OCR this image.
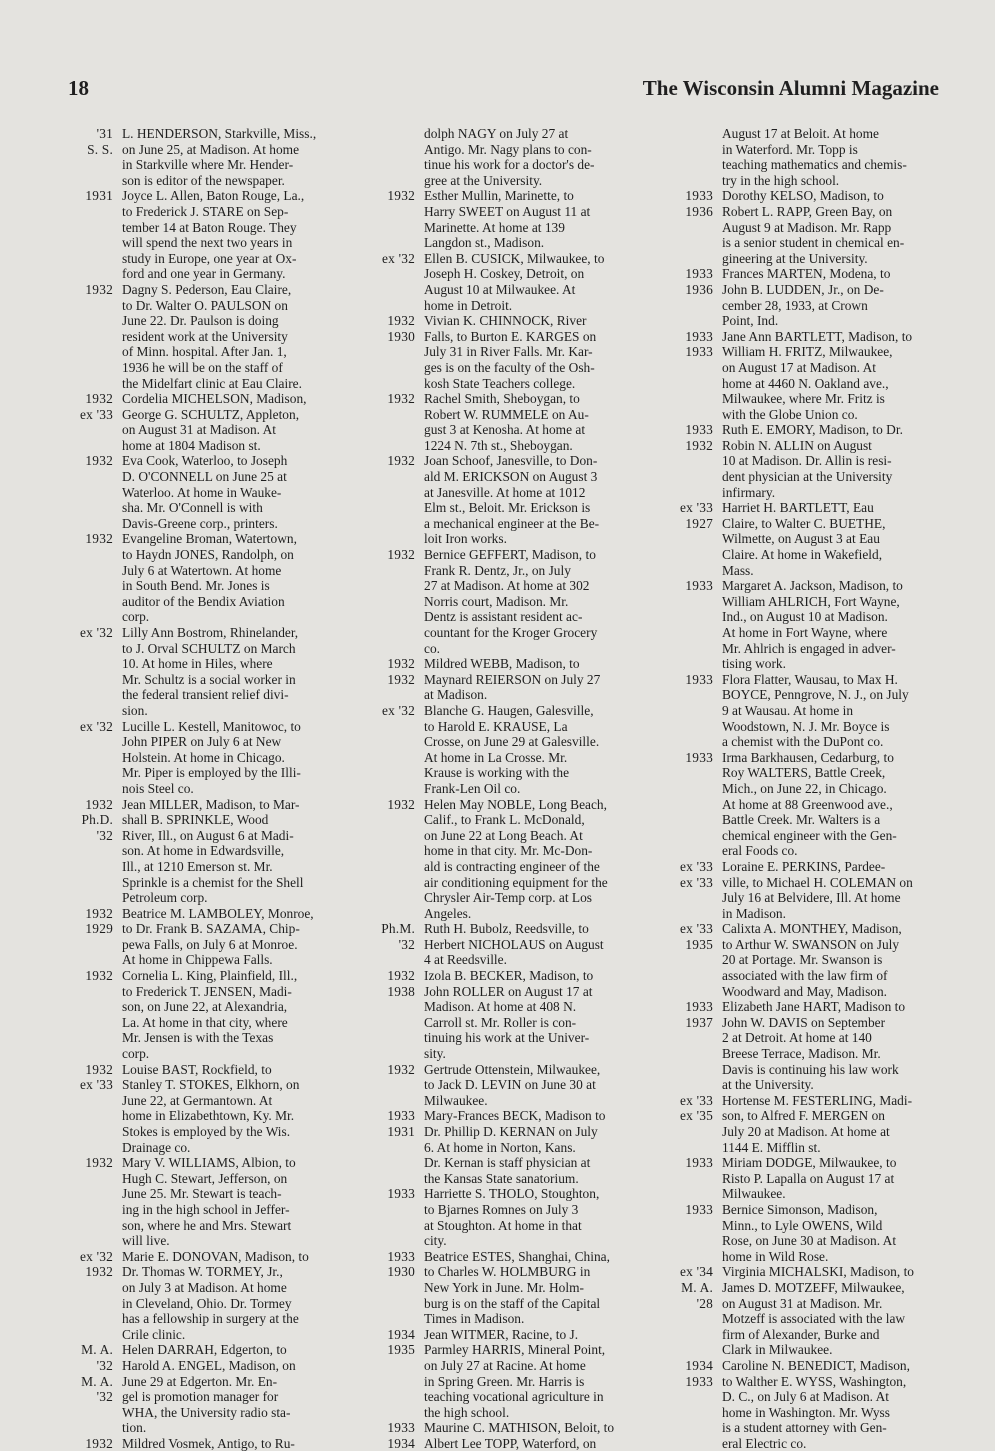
18	The Wisconsin Alumni Magazine
'31
S. S.
L. HENDERSON, Starkville, Miss.,
on June 25, at Madison. At home
in Starkville where Mr. Hender-
son is editor of the newspaper.
1931 Joyce L. Allen, Baton Rouge, La.,
to Frederick J. STARE on Sep-
tember 14 at Baton Rouge. They
will spend the next two years in
study in Europe, one year at Ox-
ford and one year in Germany.
1932 Dagny S. Pederson, Eau Claire,
to Dr. Walter O. PAULSON on
June 22. Dr. Paulson is doing
resident work at the University
of Minn. hospital. After Jan. 1,
1936 he will be on the staff of
the Midelfart clinic at Eau Claire.
1932
ex '33
Cordelia MICHELSON, Madison,
George G. SCHULTZ, Appleton,
on August 31 at Madison. At
home at 1804 Madison st.
1932 Eva Cook, Waterloo, to Joseph
D. O'CONNELL on June 25 at
Waterloo. At home in Wauke-
sha. Mr. O'Connell is with
Davis-Greene corp., printers.
1932 Evangeline Broman, Watertown,
to Haydn JONES, Randolph, on
July 6 at Watertown. At home
in South Bend. Mr. Jones is
auditor of the Bendix Aviation
corp.
ex '32 Lilly Ann Bostrom, Rhinelander,
to J. Orval SCHULTZ on March
10. At home in Hiles, where
Mr. Schultz is a social worker in
the federal transient relief divi-
sion.
ex '32 Lucille L. Kestell, Manitowoc, to
John PIPER on July 6 at New
Holstein. At home in Chicago.
Mr. Piper is employed by the Illi-
nois Steel co.
1932
Ph.D.
'32
Jean MILLER, Madison, to Mar-
shall B. SPRINKLE, Wood
River, Ill., on August 6 at Madi-
son. At home in Edwardsville,
Ill., at 1210 Emerson st. Mr.
Sprinkle is a chemist for the Shell
Petroleum corp.
1932
1929
Beatrice M. LAMBOLEY, Monroe,
to Dr. Frank B. SAZAMA, Chip-
pewa Falls, on July 6 at Monroe.
At home in Chippewa Falls.
1932 Cornelia L. King, Plainfield, Ill.,
to Frederick T. JENSEN, Madi-
son, on June 22, at Alexandria,
La. At home in that city, where
Mr. Jensen is with the Texas
corp.
1932
ex '33
Louise BAST, Rockfield, to
Stanley T. STOKES, Elkhorn, on
June 22, at Germantown. At
home in Elizabethtown, Ky. Mr.
Stokes is employed by the Wis.
Drainage co.
1932 Mary V. WILLIAMS, Albion, to
Hugh C. Stewart, Jefferson, on
June 25. Mr. Stewart is teach-
ing in the high school in Jeffer-
son, where he and Mrs. Stewart
will live.
ex '32
1932
Marie E. DONOVAN, Madison, to
Dr. Thomas W. TORMEY, Jr.,
on July 3 at Madison. At home
in Cleveland, Ohio. Dr. Tormey
has a fellowship in surgery at the
Crile clinic.
M. A.
'32
M. A.
'32
Helen DARRAH, Edgerton, to
Harold A. ENGEL, Madison, on
June 29 at Edgerton. Mr. En-
gel is promotion manager for
WHA, the University radio sta-
tion.
1932 Mildred Vosmek, Antigo, to Ru-
dolph NAGY on July 27 at
Antigo. Mr. Nagy plans to con-
tinue his work for a doctor's de-
gree at the University.
1932 Esther Mullin, Marinette, to
Harry SWEET on August 11 at
Marinette. At home at 139
Langdon st., Madison.
ex '32 Ellen B. CUSICK, Milwaukee, to
Joseph H. Coskey, Detroit, on
August 10 at Milwaukee. At
home in Detroit.
1932
1930
Vivian K. CHINNOCK, River
Falls, to Burton E. KARGES on
July 31 in River Falls. Mr. Kar-
ges is on the faculty of the Osh-
kosh State Teachers college.
1932 Rachel Smith, Sheboygan, to
Robert W. RUMMELE on Au-
gust 3 at Kenosha. At home at
1224 N. 7th st., Sheboygan.
1932 Joan Schoof, Janesville, to Don-
ald M. ERICKSON on August 3
at Janesville. At home at 1012
Elm st., Beloit. Mr. Erickson is
a mechanical engineer at the Be-
loit Iron works.
1932 Bernice GEFFERT, Madison, to
Frank R. Dentz, Jr., on July
27 at Madison. At home at 302
Norris court, Madison. Mr.
Dentz is assistant resident ac-
countant for the Kroger Grocery
co.
1932
1932
Mildred WEBB, Madison, to
Maynard REIERSON on July 27
at Madison.
ex '32 Blanche G. Haugen, Galesville,
to Harold E. KRAUSE, La
Crosse, on June 29 at Galesville.
At home in La Crosse. Mr.
Krause is working with the
Frank-Len Oil co.
1932 Helen May NOBLE, Long Beach,
Calif., to Frank L. McDonald,
on June 22 at Long Beach. At
home in that city. Mr. Mc-Don-
ald is contracting engineer of the
air conditioning equipment for the
Chrysler Air-Temp corp. at Los
Angeles.
Ph.M.
'32
Ruth H. Bubolz, Reedsville, to
Herbert NICHOLAUS on August
4 at Reedsville.
1932
1938
Izola B. BECKER, Madison, to
John ROLLER on August 17 at
Madison. At home at 408 N.
Carroll st. Mr. Roller is con-
tinuing his work at the Univer-
sity.
1932 Gertrude Ottenstein, Milwaukee,
to Jack D. LEVIN on June 30 at
Milwaukee.
1933
1931
Mary-Frances BECK, Madison to
Dr. Phillip D. KERNAN on July
6. At home in Norton, Kans.
Dr. Kernan is staff physician at
the Kansas State sanatorium.
1933 Harriette S. THOLO, Stoughton,
to Bjarnes Romnes on July 3
at Stoughton. At home in that
city.
1933
1930
Beatrice ESTES, Shanghai, China,
to Charles W. HOLMBURG in
New York in June. Mr. Holm-
burg is on the staff of the Capital
Times in Madison.
1934
1935
Jean WITMER, Racine, to J.
Parmley HARRIS, Mineral Point,
on July 27 at Racine. At home
in Spring Green. Mr. Harris is
teaching vocational agriculture in
the high school.
1933
1934
Maurine C. MATHISON, Beloit, to
Albert Lee TOPP, Waterford, on
August 17 at Beloit. At home
in Waterford. Mr. Topp is
teaching mathematics and chemis-
try in the high school.
1933
1936
Dorothy KELSO, Madison, to
Robert L. RAPP, Green Bay, on
August 9 at Madison. Mr. Rapp
is a senior student in chemical en-
gineering at the University.
1933
1936
Frances MARTEN, Modena, to
John B. LUDDEN, Jr., on De-
cember 28, 1933, at Crown
Point, Ind.
1933
1933
Jane Ann BARTLETT, Madison, to
William H. FRITZ, Milwaukee,
on August 17 at Madison. At
home at 4460 N. Oakland ave.,
Milwaukee, where Mr. Fritz is
with the Globe Union co.
1933
1932
Ruth E. EMORY, Madison, to Dr.
Robin N. ALLIN on August
10 at Madison. Dr. Allin is resi-
dent physician at the University
infirmary.
ex '33
1927
Harriet H. BARTLETT, Eau
Claire, to Walter C. BUETHE,
Wilmette, on August 3 at Eau
Claire. At home in Wakefield,
Mass.
1933 Margaret A. Jackson, Madison, to
William AHLRICH, Fort Wayne,
Ind., on August 10 at Madison.
At home in Fort Wayne, where
Mr. Ahlrich is engaged in adver-
tising work.
1933 Flora Flatter, Wausau, to Max H.
BOYCE, Penngrove, N. J., on July
9 at Wausau. At home in
Woodstown, N. J. Mr. Boyce is
a chemist with the DuPont co.
1933 Irma Barkhausen, Cedarburg, to
Roy WALTERS, Battle Creek,
Mich., on June 22, in Chicago.
At home at 88 Greenwood ave.,
Battle Creek. Mr. Walters is a
chemical engineer with the Gen-
eral Foods co.
ex '33
ex '33
Loraine E. PERKINS, Pardee-
ville, to Michael H. COLEMAN on
July 16 at Belvidere, Ill. At home
in Madison.
ex '33
1935
Calixta A. MONTHEY, Madison,
to Arthur W. SWANSON on July
20 at Portage. Mr. Swanson is
associated with the law firm of
Woodward and May, Madison.
1933
1937
Elizabeth Jane HART, Madison to
John W. DAVIS on September
2 at Detroit. At home at 140
Breese Terrace, Madison. Mr.
Davis is continuing his law work
at the University.
ex '33
ex '35
Hortense M. FESTERLING, Madi-
son, to Alfred F. MERGEN on
July 20 at Madison. At home at
1144 E. Mifflin st.
1933 Miriam DODGE, Milwaukee, to
Risto P. Lapalla on August 17 at
Milwaukee.
1933 Bernice Simonson, Madison,
Minn., to Lyle OWENS, Wild
Rose, on June 30 at Madison. At
home in Wild Rose.
ex '34
M. A.
'28
Virginia MICHALSKI, Madison, to
James D. MOTZEFF, Milwaukee,
on August 31 at Madison. Mr.
Motzeff is associated with the law
firm of Alexander, Burke and
Clark in Milwaukee.
1934
1933
Caroline N. BENEDICT, Madison,
to Walther E. WYSS, Washington,
D. C., on July 6 at Madison. At
home in Washington. Mr. Wyss
is a student attorney with Gen-
eral Electric co.
